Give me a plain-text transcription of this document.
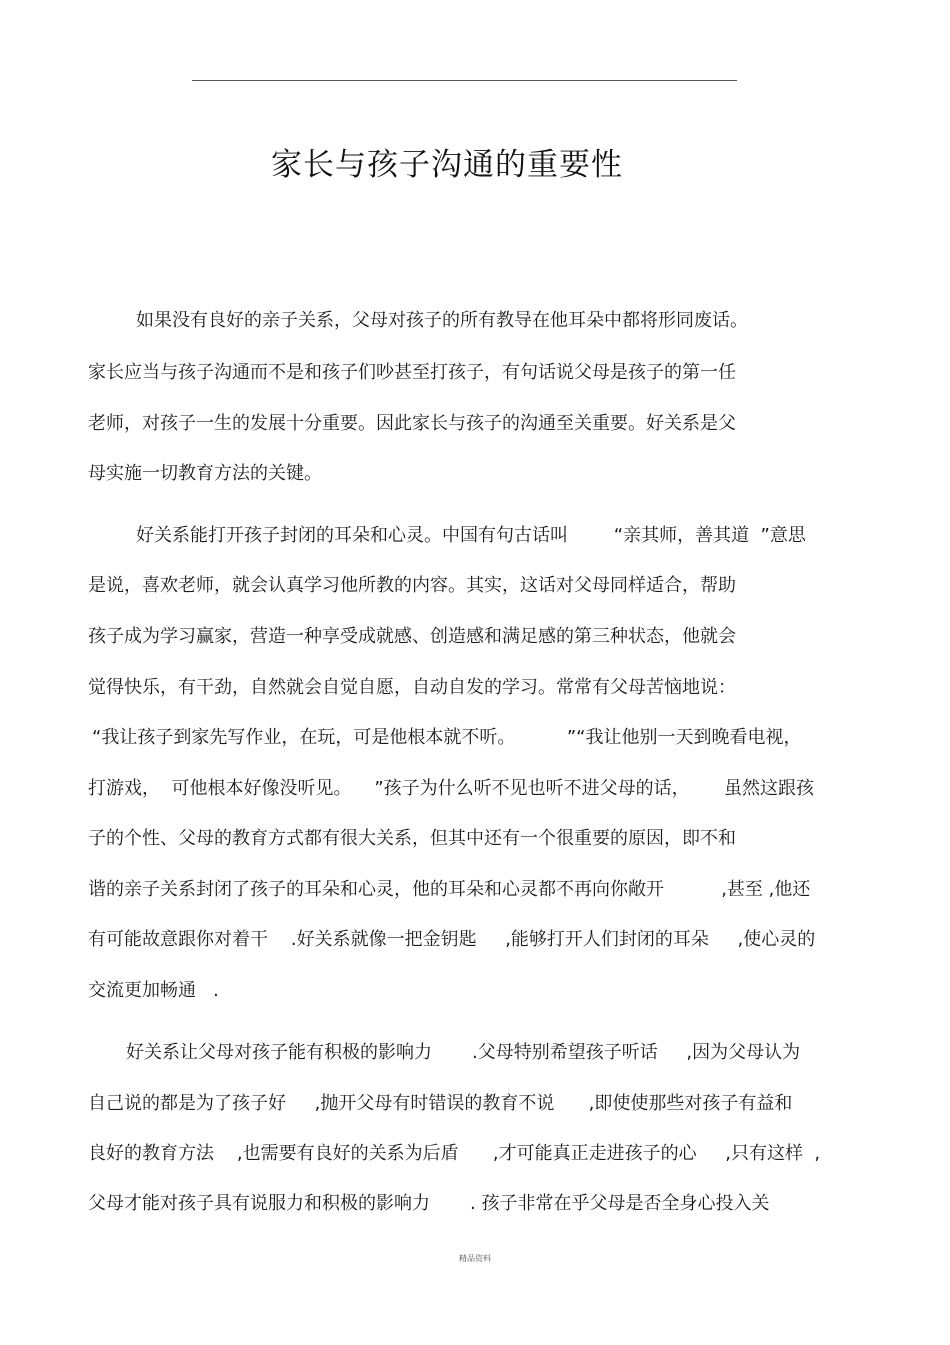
家长与孩子沟通的重要性
如果没有良好的亲子关系，父母对孩子的所有教导在他耳朵中都将形同废话。
家长应当与孩子沟通而不是和孩子们吵甚至打孩子，有句话说父母是孩子的第一任
老师，对孩子一生的发展十分重要。因此家长与孩子的沟通至关重要。好关系是父
母实施一切教育方法的关键。
好关系能打开孩子封闭的耳朵和心灵。中国有句古话叫        “亲其师，善其道  ”意思
是说，喜欢老师，就会认真学习他所教的内容。其实，这话对父母同样适合，帮助
孩子成为学习赢家，营造一种享受成就感、创造感和满足感的第三种状态，他就会
觉得快乐，有干劲，自然就会自觉自愿，自动自发的学习。常常有父母苦恼地说：
“我让孩子到家先写作业，在玩，可是他根本就不听。         ”“我让他别一天到晚看电视，
打游戏，  可他根本好像没听见。    ”孩子为什么听不见也听不进父母的话，      虽然这跟孩
子的个性、父母的教育方式都有很大关系，但其中还有一个很重要的原因，即不和
谐的亲子关系封闭了孩子的耳朵和心灵，他的耳朵和心灵都不再向你敞开          ,甚至 ,他还
有可能故意跟你对着干    .好关系就像一把金钥匙     ,能够打开人们封闭的耳朵     ,使心灵的
交流更加畅通   .
好关系让父母对孩子能有积极的影响力       .父母特别希望孩子听话     ,因为父母认为
自己说的都是为了孩子好     ,抛开父母有时错误的教育不说      ,即使使那些对孩子有益和
良好的教育方法    ,也需要有良好的关系为后盾      ,才可能真正走进孩子的心     ,只有这样  ,
父母才能对孩子具有说服力和积极的影响力       . 孩子非常在乎父母是否全身心投入关
精品资料
